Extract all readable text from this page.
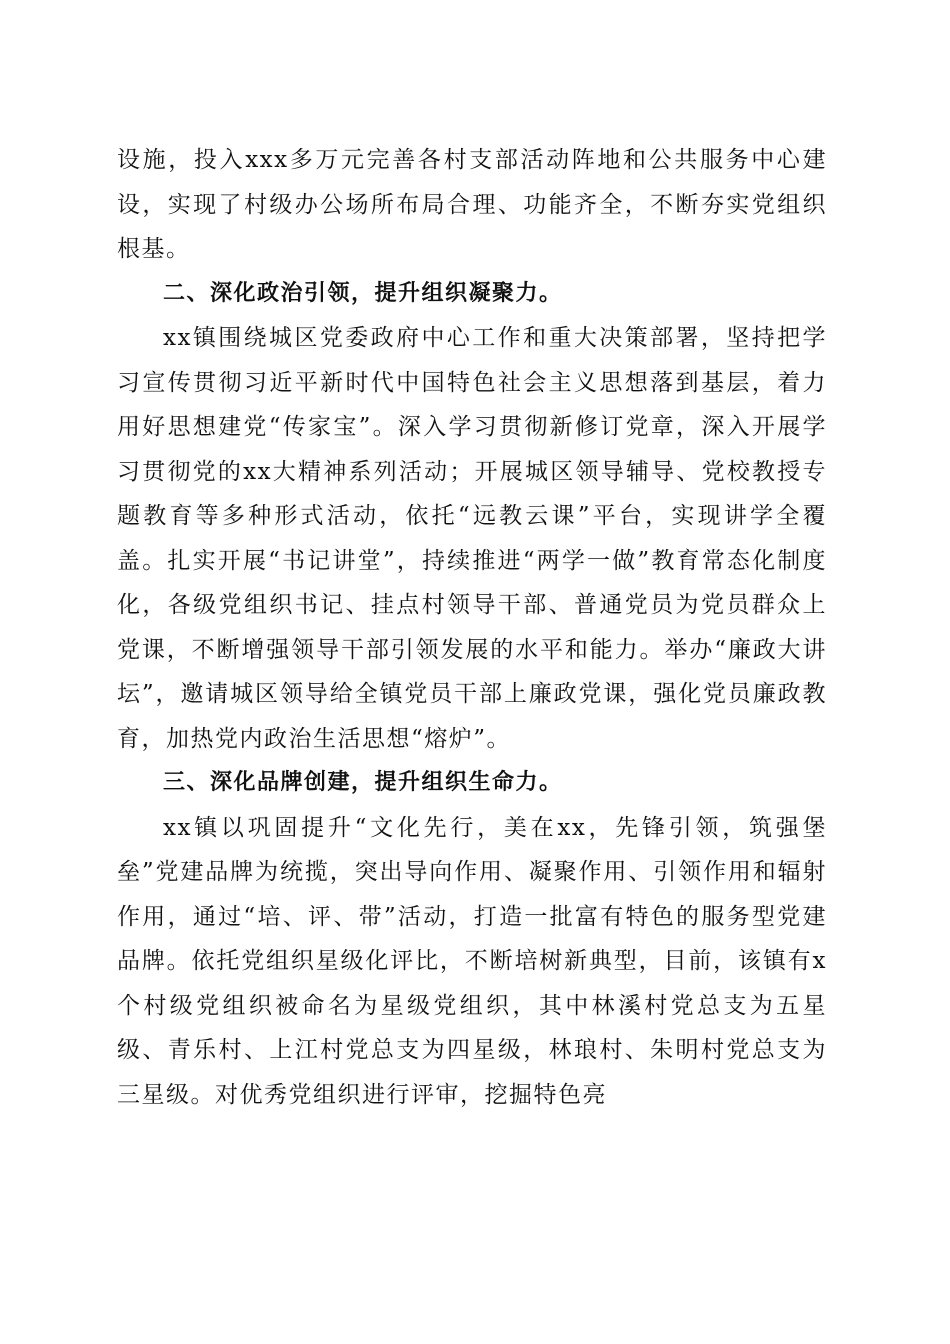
设施，投入xxx多万元完善各村支部活动阵地和公共服务中心建设，实现了村级办公场所布局合理、功能齐全，不断夯实党组织根基。

二、深化政治引领，提升组织凝聚力。

xx镇围绕城区党委政府中心工作和重大决策部署，坚持把学习宣传贯彻习近平新时代中国特色社会主义思想落到基层，着力用好思想建党“传家宝”。深入学习贯彻新修订党章，深入开展学习贯彻党的xx大精神系列活动；开展城区领导辅导、党校教授专题教育等多种形式活动，依托“远教云课”平台，实现讲学全覆盖。扎实开展“书记讲堂”，持续推进“两学一做”教育常态化制度化，各级党组织书记、挂点村领导干部、普通党员为党员群众上党课，不断增强领导干部引领发展的水平和能力。举办“廉政大讲坛”，邀请城区领导给全镇党员干部上廉政党课，强化党员廉政教育，加热党内政治生活思想“熔炉”。

三、深化品牌创建，提升组织生命力。

xx镇以巩固提升“文化先行，美在xx，先锋引领，筑强堡垒”党建品牌为统揽，突出导向作用、凝聚作用、引领作用和辐射作用，通过“培、评、带”活动，打造一批富有特色的服务型党建品牌。依托党组织星级化评比，不断培树新典型，目前，该镇有x个村级党组织被命名为星级党组织，其中林溪村党总支为五星级、青乐村、上江村党总支为四星级，林琅村、朱明村党总支为三星级。对优秀党组织进行评审，挖掘特色亮
